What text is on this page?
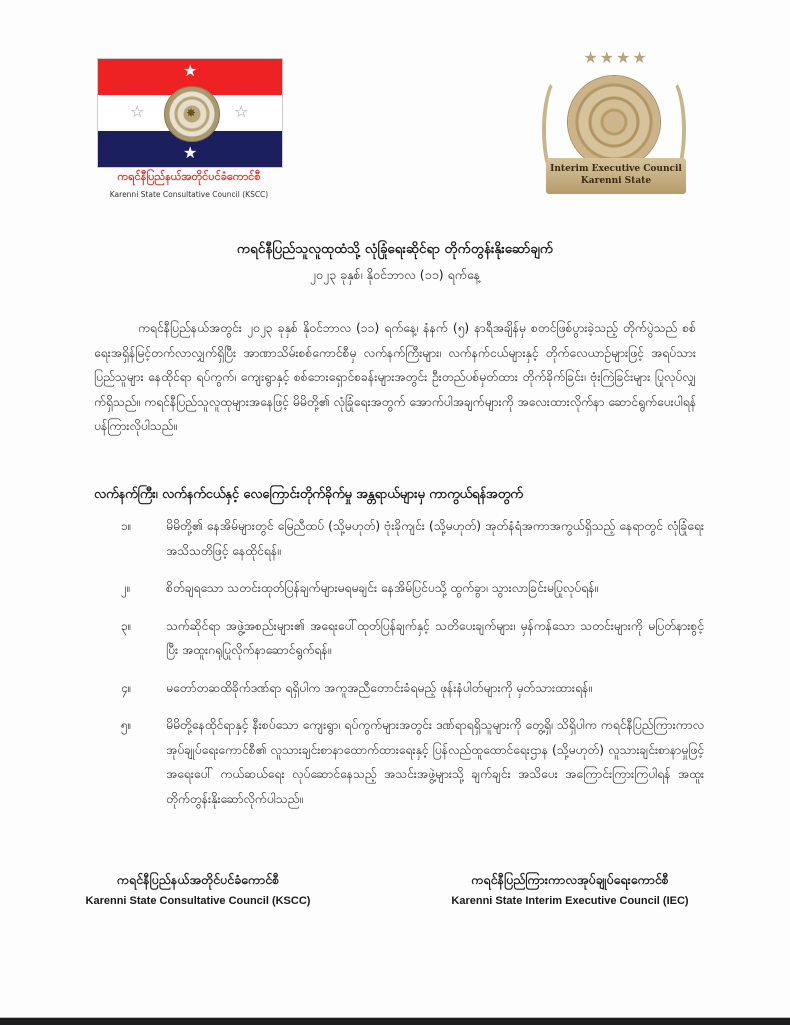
★
☆	☆
★
✸
ကရင်နီပြည်နယ်အတိုင်ပင်ခံကောင်စီ
Karenni State Consultative Council (KSCC)
★★★★
Interim Executive Council
Karenni State
ကရင်နီပြည်သူလူထုထံသို့ လုံခြုံရေးဆိုင်ရာ တိုက်တွန်းနိုးဆော်ချက်
၂၀၂၃ ခုနှစ်၊ နိုဝင်ဘာလ (၁၁) ရက်နေ့
ကရင်နီပြည်နယ်အတွင်း ၂၀၂၃ ခုနှစ် နိုဝင်ဘာလ (၁၁) ရက်နေ့၊ နံနက် (၅) နာရီအချိန်မှ စတင်ဖြစ်ပွားခဲ့သည့် တိုက်ပွဲသည် စစ်ရေးအရှိန်မြင့်တက်လာလျှက်ရှိပြီး အာဏာသိမ်းစစ်ကောင်စီမှ လက်နက်ကြီးများ၊ လက်နက်ငယ်များနှင့် တိုက်လေယာဉ်များဖြင့် အရပ်သားပြည်သူများ နေထိုင်ရာ ရပ်ကွက်၊ ကျေးရွာနှင့် စစ်ဘေးရှောင်စခန်းများအတွင်း ဦးတည်ပစ်မှတ်ထား တိုက်ခိုက်ခြင်း၊ ဗုံးကြဲခြင်းများ ပြုလုပ်လျှက်ရှိသည်။ ကရင်နီပြည်သူလူထုများအနေဖြင့် မိမိတို့၏ လုံခြုံရေးအတွက် အောက်ပါအချက်များကို အလေးထားလိုက်နာ ဆောင်ရွက်ပေးပါရန် ပန်ကြားလိုပါသည်။
လက်နက်ကြီး၊ လက်နက်ငယ်နှင့် လေကြောင်းတိုက်ခိုက်မှု အန္တရာယ်များမှ ကာကွယ်ရန်အတွက်
၁။	မိမိတို့၏ နေအိမ်များတွင် မြေညီထပ် (သို့မဟုတ်) ဗုံးခိုကျင်း (သို့မဟုတ်) အုတ်နံရံအကာအကွယ်ရှိသည့် နေရာတွင် လုံခြုံရေး အသိသတိဖြင့် နေထိုင်ရန်။
၂။	စိတ်ချရသော သတင်းထုတ်ပြန်ချက်များမရမချင်း နေအိမ်ပြင်ပသို့ ထွက်ခွာ၊ သွားလာခြင်းမပြုလုပ်ရန်။
၃။	သက်ဆိုင်ရာ အဖွဲ့အစည်းများ၏ အရေးပေါ်ထုတ်ပြန်ချက်နှင့် သတိပေးချက်များ၊ မှန်ကန်သော သတင်းများကို မပြတ်နားစွင့်ပြီး အထူးဂရုပြုလိုက်နာဆောင်ရွက်ရန်။
၄။	မတော်တဆထိခိုက်ဒဏ်ရာ ရရှိပါက အကူအညီတောင်းခံရမည့် ဖုန်းနံပါတ်များကို မှတ်သားထားရန်။
၅။	မိမိတို့နေထိုင်ရာနှင့် နီးစပ်သော ကျေးရွာ၊ ရပ်ကွက်များအတွင်း ဒဏ်ရာရရှိသူများကို တွေ့ရှိ၊ သိရှိပါက ကရင်နီပြည်ကြားကာလအုပ်ချုပ်ရေးကောင်စီ၏ လူသားချင်းစာနာထောက်ထားရေးနှင့် ပြန်လည်ထူထောင်ရေးဌာန (သို့မဟုတ်) လူသားချင်းစာနာမှုဖြင့် အရေးပေါ် ကယ်ဆယ်ရေး လုပ်ဆောင်နေသည့် အသင်းအဖွဲ့များသို့ ချက်ချင်း အသိပေး အကြောင်းကြားကြပါရန် အထူးတိုက်တွန်းနိုးဆော်လိုက်ပါသည်။
ကရင်နီပြည်နယ်အတိုင်ပင်ခံကောင်စီ
Karenni State Consultative Council (KSCC)
ကရင်နီပြည်ကြားကာလအုပ်ချုပ်ရေးကောင်စီ
Karenni State Interim Executive Council (IEC)
